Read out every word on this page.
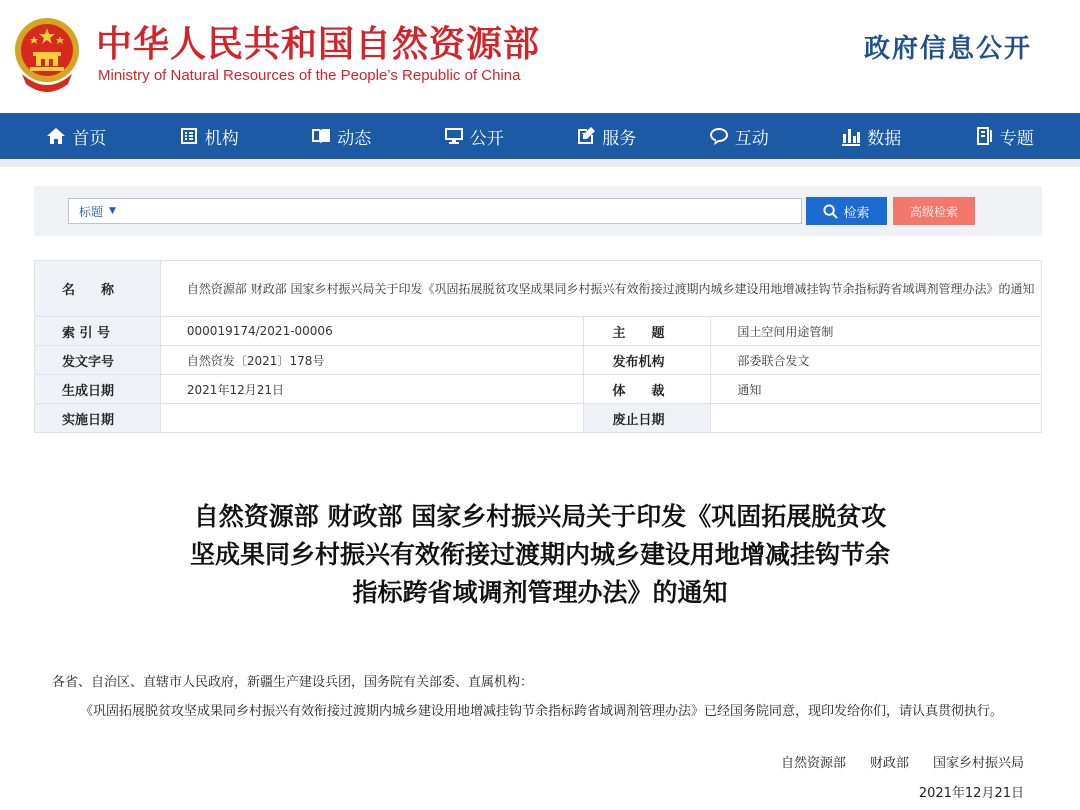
中华人民共和国自然资源部
Ministry of Natural Resources of the People’s Republic of China
政府信息公开
首页	机构	动态	公开	服务	互动	数据	专题
标题 ▼	检索	高级检索
名　　称	自然资源部 财政部 国家乡村振兴局关于印发《巩固拓展脱贫攻坚成果同乡村振兴有效衔接过渡期内城乡建设用地增减挂钩节余指标跨省域调剂管理办法》的通知		
索 引 号	000019174/2021-00006	主　　题	国土空间用途管制
发文字号	自然资发〔2021〕178号	发布机构	部委联合发文
生成日期	2021年12月21日	体　　裁	通知
实施日期		废止日期	
自然资源部 财政部 国家乡村振兴局关于印发《巩固拓展脱贫攻坚成果同乡村振兴有效衔接过渡期内城乡建设用地增减挂钩节余指标跨省域调剂管理办法》的通知

各省、自治区、直辖市人民政府，新疆生产建设兵团，国务院有关部委、直属机构：

《巩固拓展脱贫攻坚成果同乡村振兴有效衔接过渡期内城乡建设用地增减挂钩节余指标跨省域调剂管理办法》已经国务院同意，现印发给你们，请认真贯彻执行。

自然资源部 财政部 国家乡村振兴局
2021年12月21日
